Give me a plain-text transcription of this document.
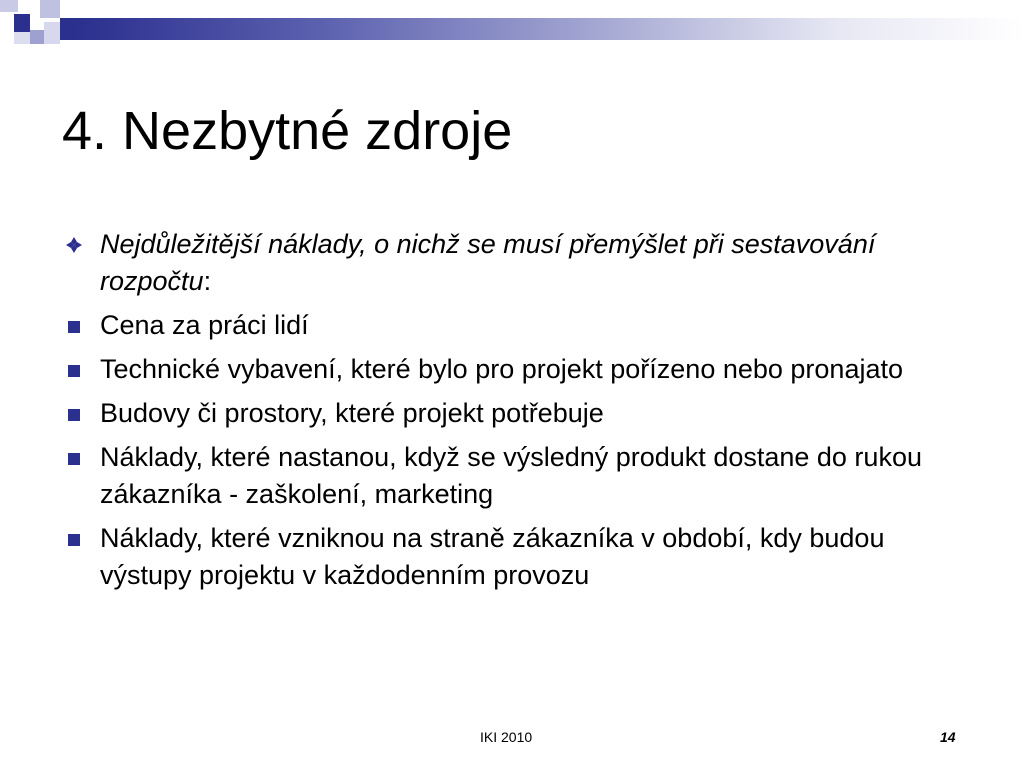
4. Nezbytné zdroje
Nejdůležitější náklady, o nichž se musí přemýšlet při sestavování rozpočtu:
Cena za práci lidí
Technické vybavení, které bylo pro projekt pořízeno nebo pronajato
Budovy či prostory, které projekt potřebuje
Náklady, které nastanou, když se výsledný produkt dostane do rukou zákazníka - zaškolení, marketing
Náklady, které vzniknou na straně zákazníka v období, kdy budou výstupy projektu v každodenním provozu
IKI 2010	14
